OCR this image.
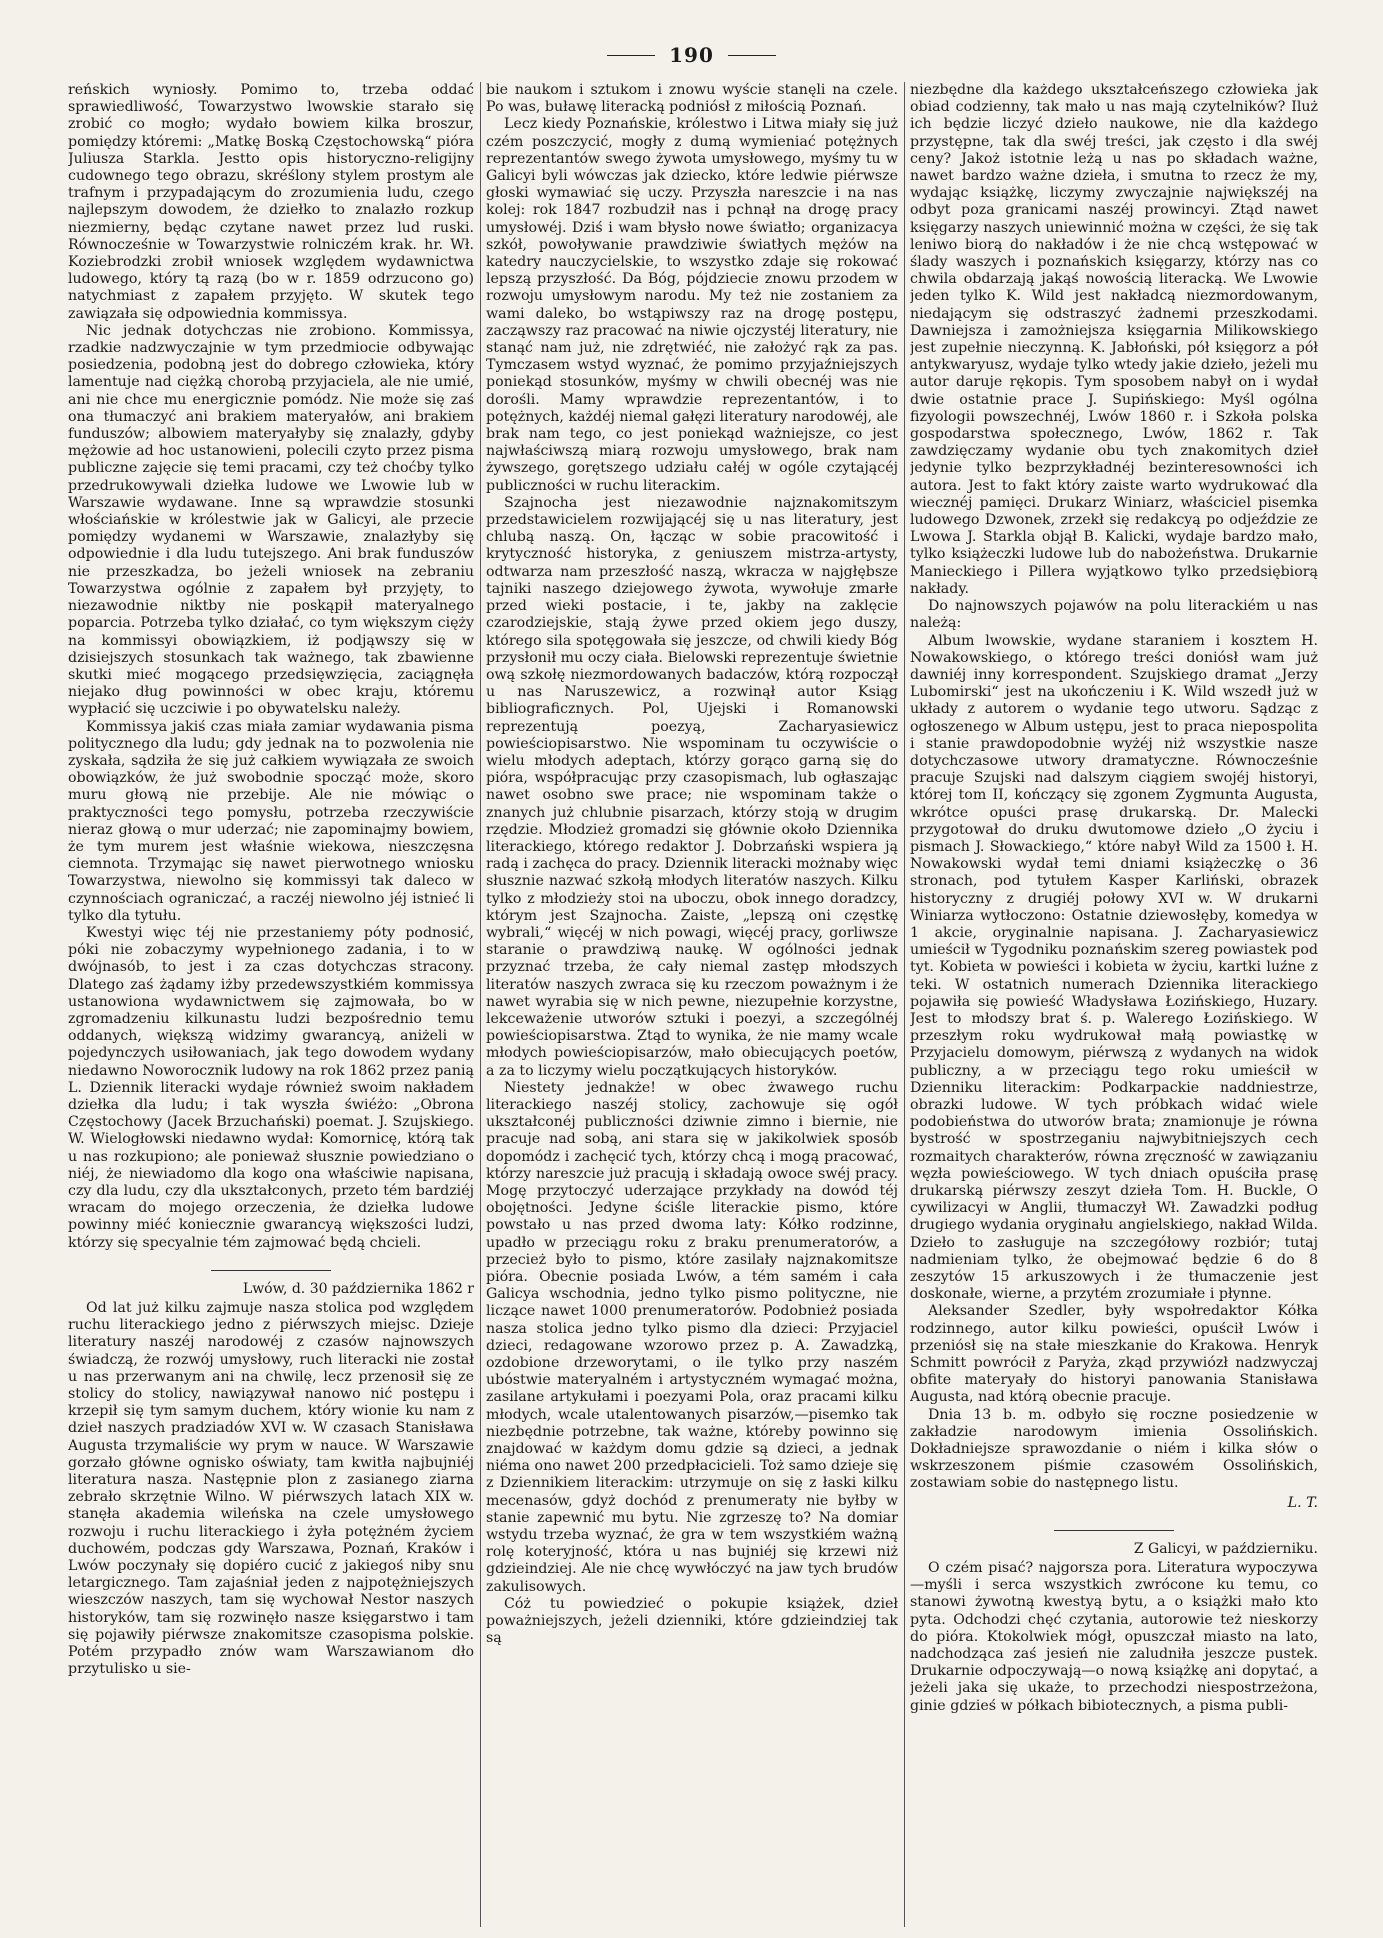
190

reńskich wyniosły. Pomimo to, trzeba oddać sprawiedliwość, Towarzystwo lwowskie starało się zrobić co mogło; wydało bowiem kilka broszur, pomiędzy któremi: „Matkę Boską Częstochowską“ pióra Juliusza Starkla. Jestto opis historyczno-religijny cudownego tego obrazu, skréślony stylem prostym ale trafnym i przypadającym do zrozumienia ludu, czego najlepszym dowodem, że dziełko to znalazło rozkup niezmierny, będąc czytane nawet przez lud ruski. Równocześnie w Towarzystwie rolniczém krak. hr. Wł. Koziebrodzki zrobił wniosek względem wydawnictwa ludowego, który tą razą (bo w r. 1859 odrzucono go) natychmiast z zapałem przyjęto. W skutek tego zawiązała się odpowiednia kommissya.

Nic jednak dotychczas nie zrobiono. Kommissya, rzadkie nadzwyczajnie w tym przedmiocie odbywając posiedzenia, podobną jest do dobrego człowieka, który lamentuje nad ciężką chorobą przyjaciela, ale nie umié, ani nie chce mu energicznie pomódz. Nie może się zaś ona tłumaczyć ani brakiem materyałów, ani brakiem funduszów; albowiem materyałyby się znalazły, gdyby mężowie ad hoc ustanowieni, polecili czyto przez pisma publiczne zajęcie się temi pracami, czy też choćby tylko przedrukowywali dziełka ludowe we Lwowie lub w Warszawie wydawane. Inne są wprawdzie stosunki włościańskie w królestwie jak w Galicyi, ale przecie pomiędzy wydanemi w Warszawie, znalazłyby się odpowiednie i dla ludu tutejszego. Ani brak funduszów nie przeszkadza, bo jeżeli wniosek na zebraniu Towarzystwa ogólnie z zapałem był przyjęty, to niezawodnie niktby nie poskąpił materyalnego poparcia. Potrzeba tylko działać, co tym większym cięży na kommissyi obowiązkiem, iż podjąwszy się w dzisiejszych stosunkach tak ważnego, tak zbawienne skutki mieć mogącego przedsięwzięcia, zaciągnęła niejako dług powinności w obec kraju, któremu wypłacić się uczciwie i po obywatelsku należy.

Kommissya jakiś czas miała zamiar wydawania pisma politycznego dla ludu; gdy jednak na to pozwolenia nie zyskała, sądziła że się już całkiem wywiązała ze swoich obowiązków, że już swobodnie spocząć może, skoro muru głową nie przebije. Ale nie mówiąc o praktyczności tego pomysłu, potrzeba rzeczywiście nieraz głową o mur uderzać; nie zapominajmy bowiem, że tym murem jest właśnie wiekowa, nieszczęsna ciemnota. Trzymając się nawet pierwotnego wniosku Towarzystwa, niewolno się kommissyi tak daleco w czynnościach ograniczać, a raczéj niewolno jéj istnieć li tylko dla tytułu.

Kwestyi więc téj nie przestaniemy póty podnosić, póki nie zobaczymy wypełnionego zadania, i to w dwójnasób, to jest i za czas dotychczas stracony. Dlatego zaś żądamy iżby przedewszystkiém kommissya ustanowiona wydawnictwem się zajmowała, bo w zgromadzeniu kilkunastu ludzi bezpośrednio temu oddanych, większą widzimy gwarancyą, aniżeli w pojedynczych usiłowaniach, jak tego dowodem wydany niedawno Noworocznik ludowy na rok 1862 przez panią L. Dziennik literacki wydaje również swoim nakładem dziełka dla ludu; i tak wyszła świéżo: „Obrona Częstochowy (Jacek Brzuchański) poemat. J. Szujskiego. W. Wielogłowski niedawno wydał: Komornicę, którą tak u nas rozkupiono; ale ponieważ słusznie powiedziano o niéj, że niewiadomo dla kogo ona właściwie napisana, czy dla ludu, czy dla ukształconych, przeto tém bardziéj wracam do mojego orzeczenia, że dziełka ludowe powinny miéć koniecznie gwarancyą większości ludzi, którzy się specyalnie tém zajmować będą chcieli.

Lwów, d. 30 października 1862 r

Od lat już kilku zajmuje nasza stolica pod względem ruchu literackiego jedno z piérwszych miejsc. Dzieje literatury naszéj narodowéj z czasów najnowszych świadczą, że rozwój umysłowy, ruch literacki nie został u nas przerwanym ani na chwilę, lecz przenosił się ze stolicy do stolicy, nawiązywał nanowo nić postępu i krzepił się tym samym duchem, który wionie ku nam z dzieł naszych pradziadów XVI w. W czasach Stanisława Augusta trzymaliście wy prym w nauce. W Warszawie gorzało główne ognisko oświaty, tam kwitła najbujniéj literatura nasza. Następnie plon z zasianego ziarna zebrało skrzętnie Wilno. W piérwszych latach XIX w. stanęła akademia wileńska na czele umysłowego rozwoju i ruchu literackiego i żyła potężném życiem duchowém, podczas gdy Warszawa, Poznań, Kraków i Lwów poczynały się dopiéro cucić z jakiegoś niby snu letargicznego. Tam zajaśniał jeden z najpotężniejszych wieszczów naszych, tam się wychował Nestor naszych historyków, tam się rozwinęło nasze księgarstwo i tam się pojawiły piérwsze znakomitsze czasopisma polskie. Potém przypadło znów wam Warszawianom dło przytulisko u sie-

bie naukom i sztukom i znowu wyście stanęli na czele. Po was, buławę literacką podniósł z miłością Poznań.

Lecz kiedy Poznańskie, królestwo i Litwa miały się już czém poszczycić, mogły z dumą wymieniać potężnych reprezentantów swego żywota umysłowego, myśmy tu w Galicyi byli wówczas jak dziecko, które ledwie piérwsze głoski wymawiać się uczy. Przyszła nareszcie i na nas kolej: rok 1847 rozbudził nas i pchnął na drogę pracy umysłowéj. Dziś i wam błysło nowe światło; organizacya szkół, powoływanie prawdziwie światłych mężów na katedry nauczycielskie, to wszystko zdaje się rokować lepszą przyszłość. Da Bóg, pójdziecie znowu przodem w rozwoju umysłowym narodu. My też nie zostaniem za wami daleko, bo wstąpiwszy raz na drogę postępu, zacząwszy raz pracować na niwie ojczystéj literatury, nie stanąć nam już, nie zdrętwiéć, nie założyć rąk za pas. Tymczasem wstyd wyznać, że pomimo przyjaźniejszych poniekąd stosunków, myśmy w chwili obecnéj was nie dorośli. Mamy wprawdzie reprezentantów, i to potężnych, każdéj niemal gałęzi literatury narodowéj, ale brak nam tego, co jest poniekąd ważniejsze, co jest najwłaściwszą miarą rozwoju umysłowego, brak nam żywszego, gorętszego udziału całéj w ogóle czytającéj publiczności w ruchu literackim.

Szajnocha jest niezawodnie najznakomitszym przedstawicielem rozwijającéj się u nas literatury, jest chlubą naszą. On, łącząc w sobie pracowitość i krytyczność historyka, z geniuszem mistrza-artysty, odtwarza nam przeszłość naszą, wkracza w najgłębsze tajniki naszego dziejowego żywota, wywołuje zmarłe przed wieki postacie, i te, jakby na zaklęcie czarodziejskie, stają żywe przed okiem jego duszy, którego sila spotęgowała się jeszcze, od chwili kiedy Bóg przysłonił mu oczy ciała. Bielowski reprezentuje świetnie ową szkołę niezmordowanych badaczów, którą rozpoczął u nas Naruszewicz, a rozwinął autor Ksiąg bibliograficznych. Pol, Ujejski i Romanowski reprezentują poezyą, Zacharyasiewicz powieściopisarstwo. Nie wspominam tu oczywiście o wielu młodych adeptach, którzy gorąco garną się do pióra, współpracując przy czasopismach, lub ogłaszając nawet osobno swe prace; nie wspominam także o znanych już chlubnie pisarzach, którzy stoją w drugim rzędzie. Młodzież gromadzi się głównie około Dziennika literackiego, którego redaktor J. Dobrzański wspiera ją radą i zachęca do pracy. Dziennik literacki możnaby więc słusznie nazwać szkołą młodych literatów naszych. Kilku tylko z młodzieży stoi na uboczu, obok innego doradzcy, którym jest Szajnocha. Zaiste, „lepszą oni częstkę wybrali,“ więcéj w nich powagi, więcéj pracy, gorliwsze staranie o prawdziwą naukę. W ogólności jednak przyznać trzeba, że cały niemal zastęp młodszych literatów naszych zwraca się ku rzeczom poważnym i że nawet wyrabia się w nich pewne, niezupełnie korzystne, lekceważenie utworów sztuki i poezyi, a szczególnéj powieściopisarstwa. Ztąd to wynika, że nie mamy wcale młodych powieściopisarzów, mało obiecujących poetów, a za to liczymy wielu początkujących historyków.

Niestety jednakże! w obec żwawego ruchu literackiego naszéj stolicy, zachowuje się ogół ukształconéj publiczności dziwnie zimno i biernie, nie pracuje nad sobą, ani stara się w jakikolwiek sposób dopomódz i zachęcić tych, którzy chcą i mogą pracować, którzy nareszcie już pracują i składają owoce swéj pracy. Mogę przytoczyć uderzające przykłady na dowód téj obojętności. Jedyne ściśle literackie pismo, które powstało u nas przed dwoma laty: Kółko rodzinne, upadło w przeciągu roku z braku prenumeratorów, a przecież było to pismo, które zasilały najznakomitsze pióra. Obecnie posiada Lwów, a tém samém i cała Galicya wschodnia, jedno tylko pismo polityczne, nie liczące nawet 1000 prenumeratorów. Podobnież posiada nasza stolica jedno tylko pismo dla dzieci: Przyjaciel dzieci, redagowane wzorowo przez p. A. Zawadzką, ozdobione drzeworytami, o ile tylko przy naszém ubóstwie materyalném i artystyczném wymagać można, zasilane artykułami i poezyami Pola, oraz pracami kilku młodych, wcale utalentowanych pisarzów,—pisemko tak niezbędnie potrzebne, tak ważne, któreby powinno się znajdować w każdym domu gdzie są dzieci, a jednak niéma ono nawet 200 przedpłacicieli. Toż samo dzieje się z Dziennikiem literackim: utrzymuje on się z łaski kilku mecenasów, gdyż dochód z prenumeraty nie byłby w stanie zapewnić mu bytu. Nie zgrzeszę to? Na domiar wstydu trzeba wyznać, że gra w tem wszystkiém ważną rolę koteryjność, która u nas bujniéj się krzewi niż gdzieindziej. Ale nie chcę wywłóczyć na jaw tych brudów zakulisowych.

Cóż tu powiedzieć o pokupie książek, dzieł poważniejszych, jeżeli dzienniki, które gdzieindziej tak są

niezbędne dla każdego ukształceńszego człowieka jak obiad codzienny, tak mało u nas mają czytelników? Iluż ich będzie liczyć dzieło naukowe, nie dla każdego przystępne, tak dla swéj treści, jak często i dla swéj ceny? Jakoż istotnie leżą u nas po składach ważne, nawet bardzo ważne dzieła, i smutna to rzecz że my, wydając książkę, liczymy zwyczajnie największéj na odbyt poza granicami naszéj prowincyi. Ztąd nawet księgarzy naszych uniewinnić można w części, że się tak leniwo biorą do nakładów i że nie chcą wstępować w ślady waszych i poznańskich księgarzy, którzy nas co chwila obdarzają jakąś nowością literacką. We Lwowie jeden tylko K. Wild jest nakładcą niezmordowanym, niedającym się odstraszyć żadnemi przeszkodami. Dawniejsza i zamożniejsza księgarnia Milikowskiego jest zupełnie nieczynną. K. Jabłoński, pół księgorz a pół antykwaryusz, wydaje tylko wtedy jakie dzieło, jeżeli mu autor daruje rękopis. Tym sposobem nabył on i wydał dwie ostatnie prace J. Supińskiego: Myśl ogólna fizyologii powszechnéj, Lwów 1860 r. i Szkoła polska gospodarstwa społecznego, Lwów, 1862 r. Tak zawdzięczamy wydanie obu tych znakomitych dzieł jedynie tylko bezprzykładnéj bezinteresowności ich autora. Jest to fakt który zaiste warto wydrukować dla wiecznéj pamięci. Drukarz Winiarz, właściciel pisemka ludowego Dzwonek, zrzekł się redakcyą po odjeździe ze Lwowa J. Starkla objął B. Kalicki, wydaje bardzo mało, tylko książeczki ludowe lub do nabożeństwa. Drukarnie Manieckiego i Pillera wyjątkowo tylko przedsiębiorą nakłady.

Do najnowszych pojawów na polu literackiém u nas należą:

Album lwowskie, wydane staraniem i kosztem H. Nowakowskiego, o którego treści doniósł wam już dawniéj inny korrespondent. Szujskiego dramat „Jerzy Lubomirski“ jest na ukończeniu i K. Wild wszedł już w układy z autorem o wydanie tego utworu. Sądząc z ogłoszenego w Album ustępu, jest to praca niepospolita i stanie prawdopodobnie wyżéj niż wszystkie nasze dotychczasowe utwory dramatyczne. Równocześnie pracuje Szujski nad dalszym ciągiem swojéj historyi, której tom II, kończący się zgonem Zygmunta Augusta, wkrótce opuści prasę drukarską. Dr. Malecki przygotował do druku dwutomowe dzieło „O życiu i pismach J. Słowackiego,“ które nabył Wild za 1500 ł. H. Nowakowski wydał temi dniami książeczkę o 36 stronach, pod tytułem Kasper Karliński, obrazek historyczny z drugiéj połowy XVI w. W drukarni Winiarza wytłoczono: Ostatnie dziewosłęby, komedya w 1 akcie, oryginalnie napisana. J. Zacharyasiewicz umieścił w Tygodniku poznańskim szereg powiastek pod tyt. Kobieta w powieści i kobieta w życiu, kartki luźne z teki. W ostatnich numerach Dziennika literackiego pojawiła się powieść Władysława Łozińskiego, Huzary. Jest to młodszy brat ś. p. Walerego Łozińskiego. W przeszłym roku wydrukował małą powiastkę w Przyjacielu domowym, piérwszą z wydanych na widok publiczny, a w przeciągu tego roku umieścił w Dzienniku literackim: Podkarpackie naddniestrze, obrazki ludowe. W tych próbkach widać wiele podobieństwa do utworów brata; znamionuje je równa bystrość w spostrzeganiu najwybitniejszych cech rozmaitych charakterów, równa zręczność w zawiązaniu węzła powieściowego. W tych dniach opuściła prasę drukarską piérwszy zeszyt dzieła Tom. H. Buckle, O cywilizacyi w Anglii, tłumaczył Wł. Zawadzki podług drugiego wydania oryginału angielskiego, nakład Wilda. Dzieło to zasługuje na szczegółowy rozbiór; tutaj nadmieniam tylko, że obejmować będzie 6 do 8 zeszytów 15 arkuszowych i że tłumaczenie jest doskonałe, wierne, a przytém zrozumiałe i płynne.

Aleksander Szedler, były wspołredaktor Kółka rodzinnego, autor kilku powieści, opuścił Lwów i przeniósł się na stałe mieszkanie do Krakowa. Henryk Schmitt powrócił z Paryża, zkąd przywiózł nadzwyczaj obfite materyały do historyi panowania Stanisława Augusta, nad którą obecnie pracuje.

Dnia 13 b. m. odbyło się roczne posiedzenie w zakładzie narodowym imienia Ossolińskich. Dokładniejsze sprawozdanie o niém i kilka słów o wskrzeszonem piśmie czasowém Ossolińskich, zostawiam sobie do następnego listu.

L. T.
Z Galicyi, w październiku.

O czém pisać? najgorsza pora. Literatura wypoczywa—myśli i serca wszystkich zwrócone ku temu, co stanowi żywotną kwestyą bytu, a o książki mało kto pyta. Odchodzi chęć czytania, autorowie też nieskorzy do pióra. Ktokolwiek mógł, opuszczał miasto na lato, nadchodząca zaś jesień nie zaludniła jeszcze pustek. Drukarnie odpoczywają—o nową książkę ani dopytać, a jeżeli jaka się ukaże, to przechodzi niespostrzeżona, ginie gdzieś w półkach bibiotecznych, a pisma publi-
